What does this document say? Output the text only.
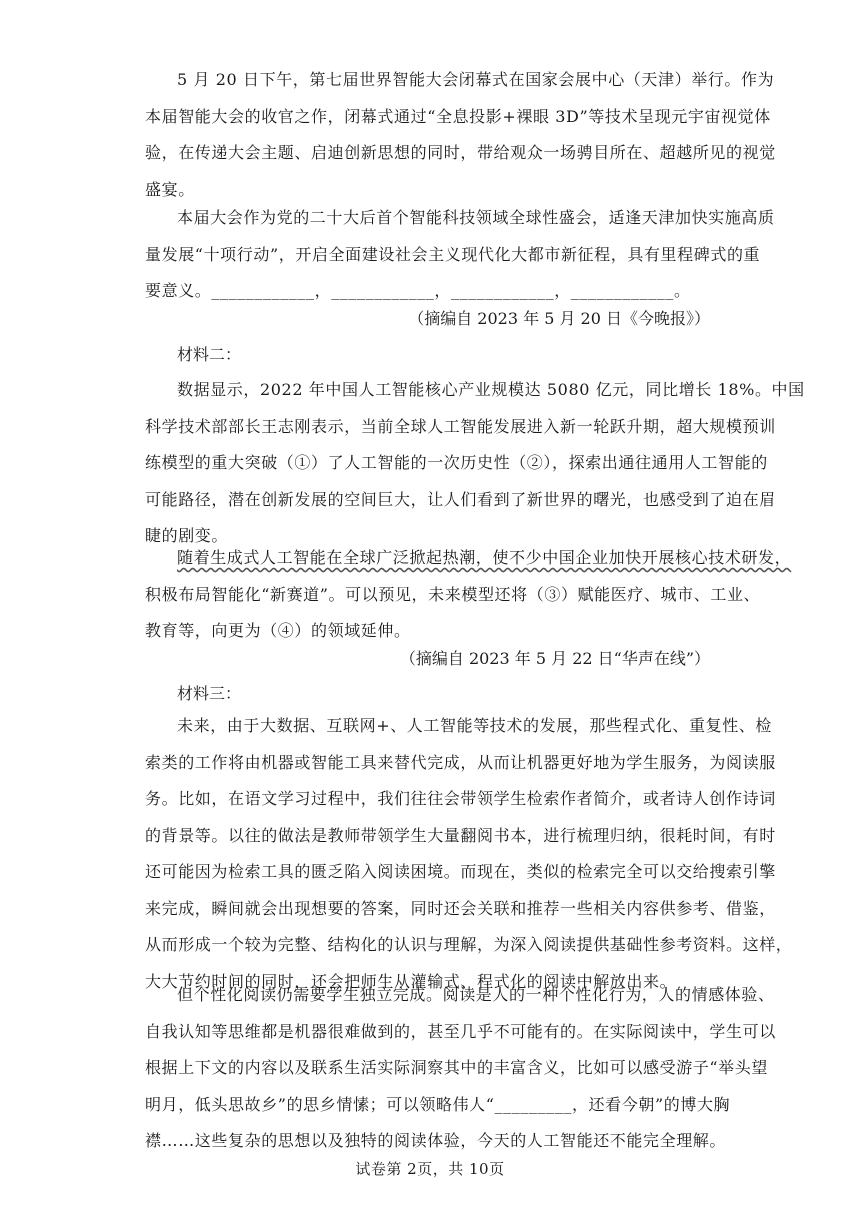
5 月 20 日下午，第七届世界智能大会闭幕式在国家会展中心（天津）举行。作为
本届智能大会的收官之作，闭幕式通过“全息投影+裸眼 3D”等技术呈现元宇宙视觉体
验，在传递大会主题、启迪创新思想的同时，带给观众一场骋目所在、超越所见的视觉
盛宴。
本届大会作为党的二十大后首个智能科技领域全球性盛会，适逢天津加快实施高质
量发展“十项行动”，开启全面建设社会主义现代化大都市新征程，具有里程碑式的重
要意义。____________，____________，____________，____________。
（摘编自 2023 年 5 月 20 日《今晚报》）
材料二：
数据显示，2022 年中国人工智能核心产业规模达 5080 亿元，同比增长 18%。中国
科学技术部部长王志刚表示，当前全球人工智能发展进入新一轮跃升期，超大规模预训
练模型的重大突破（①）了人工智能的一次历史性（②），探索出通往通用人工智能的
可能路径，潜在创新发展的空间巨大，让人们看到了新世界的曙光，也感受到了迫在眉
睫的剧变。
随着生成式人工智能在全球广泛掀起热潮，使不少中国企业加快开展核心技术研发，
积极布局智能化“新赛道”。可以预见，未来模型还将（③）赋能医疗、城市、工业、
教育等，向更为（④）的领域延伸。
（摘编自 2023 年 5 月 22 日“华声在线”）
材料三：
未来，由于大数据、互联网+、人工智能等技术的发展，那些程式化、重复性、检
索类的工作将由机器或智能工具来替代完成，从而让机器更好地为学生服务，为阅读服
务。比如，在语文学习过程中，我们往往会带领学生检索作者简介，或者诗人创作诗词
的背景等。以往的做法是教师带领学生大量翻阅书本，进行梳理归纳，很耗时间，有时
还可能因为检索工具的匮乏陷入阅读困境。而现在，类似的检索完全可以交给搜索引擎
来完成，瞬间就会出现想要的答案，同时还会关联和推荐一些相关内容供参考、借鉴，
从而形成一个较为完整、结构化的认识与理解，为深入阅读提供基础性参考资料。这样，
大大节约时间的同时，还会把师生从灌输式、程式化的阅读中解放出来。
但个性化阅读仍需要学生独立完成。阅读是人的一种个性化行为，人的情感体验、
自我认知等思维都是机器很难做到的，甚至几乎不可能有的。在实际阅读中，学生可以
根据上下文的内容以及联系生活实际洞察其中的丰富含义，比如可以感受游子“举头望
明月，低头思故乡”的思乡情愫；可以领略伟人“_________，还看今朝”的博大胸
襟……这些复杂的思想以及独特的阅读体验，今天的人工智能还不能完全理解。
试卷第 2页，共 10页
